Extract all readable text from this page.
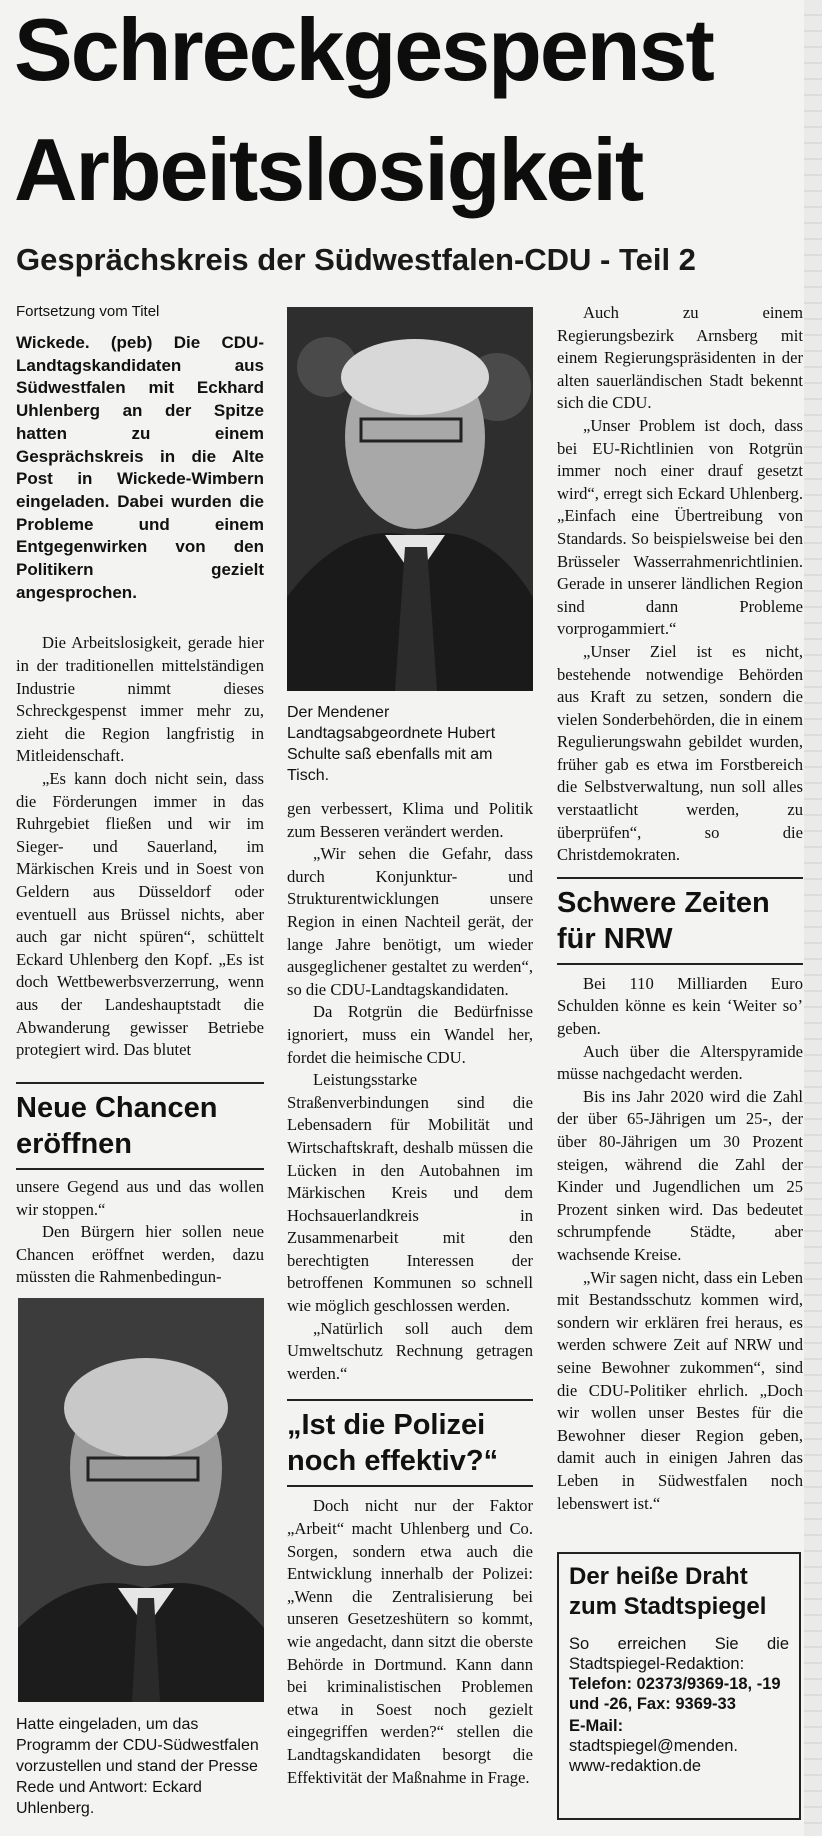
Schreckgespenst
Arbeitslosigkeit
Gesprächskreis der Südwestfalen-CDU - Teil 2

Fortsetzung vom Titel

Wickede. (peb) Die CDU-Landtagskandidaten aus Südwestfalen mit Eckhard Uhlenberg an der Spitze hatten zu einem Gesprächskreis in die Alte Post in Wickede-Wimbern eingeladen. Dabei wurden die Probleme und einem Entgegenwirken von den Politikern gezielt angesprochen.

Die Arbeitslosigkeit, gerade hier in der traditionellen mittelständigen Industrie nimmt dieses Schreckgespenst immer mehr zu, zieht die Region langfristig in Mitleidenschaft.

„Es kann doch nicht sein, dass die Förderungen immer in das Ruhrgebiet fließen und wir im Sieger- und Sauerland, im Märkischen Kreis und in Soest von Geldern aus Düsseldorf oder eventuell aus Brüssel nichts, aber auch gar nicht spüren“, schüttelt Eckard Uhlenberg den Kopf. „Es ist doch Wettbewerbsverzerrung, wenn aus der Landeshauptstadt die Abwanderung gewisser Betriebe protegiert wird. Das blutet

Neue Chancen eröffnen

unsere Gegend aus und das wollen wir stoppen.“

Den Bürgern hier sollen neue Chancen eröffnet werden, dazu müssten die Rahmenbedingun-

Hatte eingeladen, um das Programm der CDU-Südwestfalen vorzustellen und stand der Presse Rede und Antwort: Eckard Uhlenberg.

Der Mendener Landtagsabgeordnete Hubert Schulte saß ebenfalls mit am Tisch.

gen verbessert, Klima und Politik zum Besseren verändert werden.

„Wir sehen die Gefahr, dass durch Konjunktur- und Strukturentwicklungen unsere Region in einen Nachteil gerät, der lange Jahre benötigt, um wieder ausgeglichener gestaltet zu werden“, so die CDU-Landtagskandidaten.

Da Rotgrün die Bedürfnisse ignoriert, muss ein Wandel her, fordet die heimische CDU.

Leistungsstarke Straßenverbindungen sind die Lebensadern für Mobilität und Wirtschaftskraft, deshalb müssen die Lücken in den Autobahnen im Märkischen Kreis und dem Hochsauerlandkreis in Zusammenarbeit mit den berechtigten Interessen der betroffenen Kommunen so schnell wie möglich geschlossen werden.

„Natürlich soll auch dem Umweltschutz Rechnung getragen werden.“

„Ist die Polizei noch effektiv?“

Doch nicht nur der Faktor „Arbeit“ macht Uhlenberg und Co. Sorgen, sondern etwa auch die Entwicklung innerhalb der Polizei: „Wenn die Zentralisierung bei unseren Gesetzeshütern so kommt, wie angedacht, dann sitzt die oberste Behörde in Dortmund. Kann dann bei kriminalistischen Problemen etwa in Soest noch gezielt eingegriffen werden?“ stellen die Landtagskandidaten besorgt die Effektivität der Maßnahme in Frage.

Auch zu einem Regierungsbezirk Arnsberg mit einem Regierungspräsidenten in der alten sauerländischen Stadt bekennt sich die CDU.

„Unser Problem ist doch, dass bei EU-Richtlinien von Rotgrün immer noch einer drauf gesetzt wird“, erregt sich Eckard Uhlenberg. „Einfach eine Übertreibung von Standards. So beispielsweise bei den Brüsseler Wasserrahmenrichtlinien. Gerade in unserer ländlichen Region sind dann Probleme vorprogammiert.“

„Unser Ziel ist es nicht, bestehende notwendige Behörden aus Kraft zu setzen, sondern die vielen Sonderbehörden, die in einem Regulierungswahn gebildet wurden, früher gab es etwa im Forstbereich die Selbstverwaltung, nun soll alles verstaatlicht werden, zu überprüfen“, so die Christdemokraten.

Schwere Zeiten für NRW

Bei 110 Milliarden Euro Schulden könne es kein ‘Weiter so’ geben.

Auch über die Alterspyramide müsse nachgedacht werden.

Bis ins Jahr 2020 wird die Zahl der über 65-Jährigen um 25-, der über 80-Jährigen um 30 Prozent steigen, während die Zahl der Kinder und Jugendlichen um 25 Prozent sinken wird. Das bedeutet schrumpfende Städte, aber wachsende Kreise.

„Wir sagen nicht, dass ein Leben mit Bestandsschutz kommen wird, sondern wir erklären frei heraus, es werden schwere Zeit auf NRW und seine Bewohner zukommen“, sind die CDU-Politiker ehrlich. „Doch wir wollen unser Bestes für die Bewohner dieser Region geben, damit auch in einigen Jahren das Leben in Südwestfalen noch lebenswert ist.“

Der heiße Draht zum Stadtspiegel
So erreichen Sie die Stadtspiegel-Redaktion:
Telefon: 02373/9369-18, -19 und -26, Fax: 9369-33
E-Mail:
stadtspiegel@menden.
www-redaktion.de
